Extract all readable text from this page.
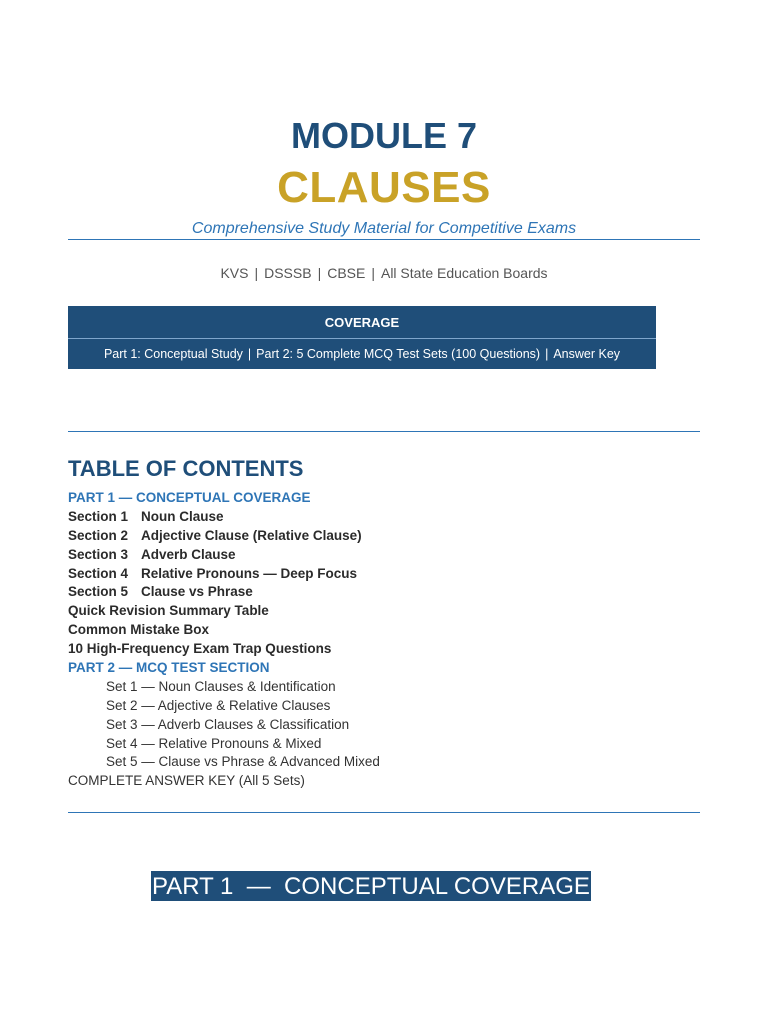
MODULE 7
CLAUSES
Comprehensive Study Material for Competitive Exams
KVS | DSSSB | CBSE | All State Education Boards
COVERAGE
Part 1: Conceptual Study | Part 2: 5 Complete MCQ Test Sets (100 Questions) | Answer Key
TABLE OF CONTENTS
PART 1 — CONCEPTUAL COVERAGE
Section 1 Noun Clause
Section 2 Adjective Clause (Relative Clause)
Section 3 Adverb Clause
Section 4 Relative Pronouns — Deep Focus
Section 5 Clause vs Phrase
Quick Revision Summary Table
Common Mistake Box
10 High-Frequency Exam Trap Questions
PART 2 — MCQ TEST SECTION
Set 1 — Noun Clauses & Identification
Set 2 — Adjective & Relative Clauses
Set 3 — Adverb Clauses & Classification
Set 4 — Relative Pronouns & Mixed
Set 5 — Clause vs Phrase & Advanced Mixed
COMPLETE ANSWER KEY (All 5 Sets)
PART 1  —  CONCEPTUAL COVERAGE
